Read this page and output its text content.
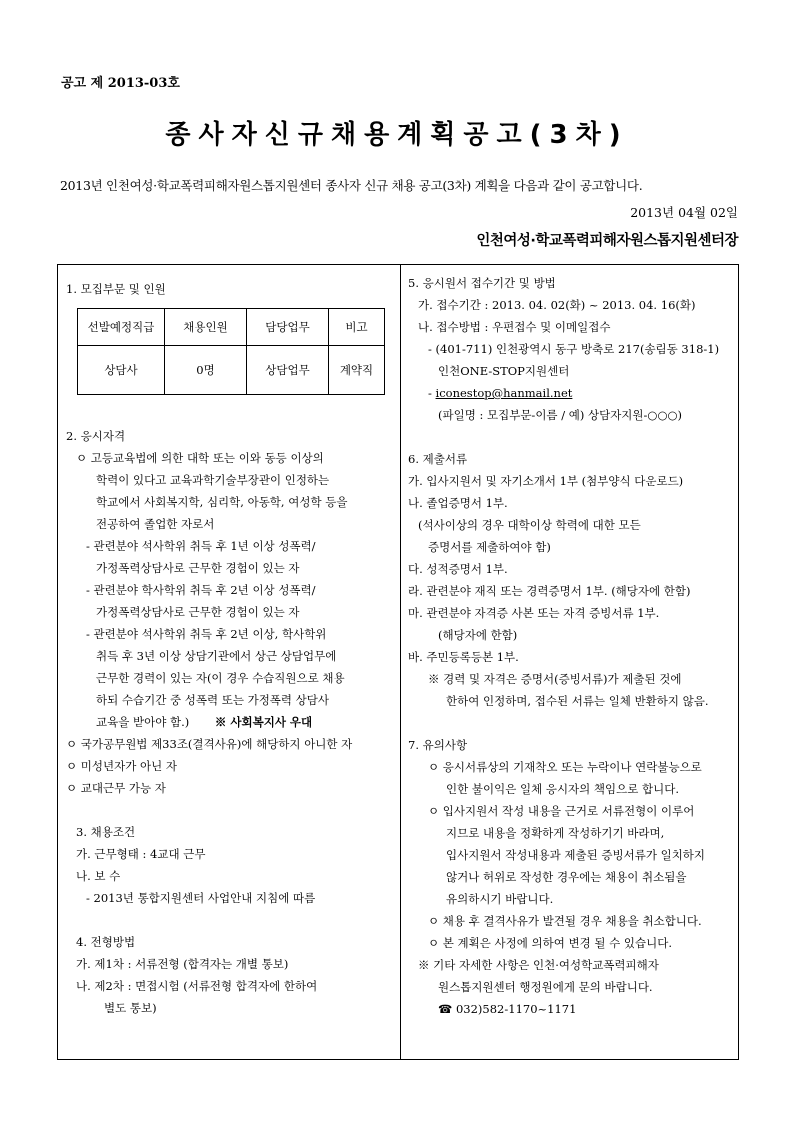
공고 제 2013-03호
종사자신규채용계획공고(3차)
2013년 인천여성·학교폭력피해자원스톱지원센터 종사자 신규 채용 공고(3차) 계획을 다음과 같이 공고합니다.
2013년 04월 02일
인천여성·학교폭력피해자원스톱지원센터장
1. 모집부문 및 인원
선발예정직급	채용인원	담당업무	비고
상담사	0명	상담업무	계약직
2. 응시자격
ㅇ 고등교육법에 의한 대학 또는 이와 동등 이상의
학력이 있다고 교육과학기술부장관이 인정하는
학교에서 사회복지학, 심리학, 아동학, 여성학 등을
전공하여 졸업한 자로서
- 관련분야 석사학위 취득 후 1년 이상 성폭력/
가정폭력상담사로 근무한 경험이 있는 자
- 관련분야 학사학위 취득 후 2년 이상 성폭력/
가정폭력상담사로 근무한 경험이 있는 자
- 관련분야 석사학위 취득 후 2년 이상, 학사학위
취득 후 3년 이상 상담기관에서 상근 상담업무에
근무한 경력이 있는 자(이 경우 수습직원으로 채용
하되 수습기간 중 성폭력 또는 가정폭력 상담사
교육을 받아야 함.) ※ 사회복지사 우대
ㅇ 국가공무원법 제33조(결격사유)에 해당하지 아니한 자
ㅇ 미성년자가 아닌 자
ㅇ 교대근무 가능 자
3. 채용조건
가. 근무형태 : 4교대 근무
나. 보 수
- 2013년 통합지원센터 사업안내 지침에 따름
4. 전형방법
가. 제1차 : 서류전형 (합격자는 개별 통보)
나. 제2차 : 면접시험 (서류전형 합격자에 한하여
별도 통보)
5. 응시원서 접수기간 및 방법
가. 접수기간 : 2013. 04. 02(화) ~ 2013. 04. 16(화)
나. 접수방법 : 우편접수 및 이메일접수
- (401-711) 인천광역시 동구 방축로 217(송림동 318-1)
인천ONE-STOP지원센터
- iconestop@hanmail.net
(파일명 : 모집부문-이름 / 예) 상담자지원-○○○)
6. 제출서류
가. 입사지원서 및 자기소개서 1부 (첨부양식 다운로드)
나. 졸업증명서 1부.
(석사이상의 경우 대학이상 학력에 대한 모든
증명서를 제출하여야 함)
다. 성적증명서 1부.
라. 관련분야 재직 또는 경력증명서 1부. (해당자에 한함)
마. 관련분야 자격증 사본 또는 자격 증빙서류 1부.
(해당자에 한함)
바. 주민등록등본 1부.
※ 경력 및 자격은 증명서(증빙서류)가 제출된 것에
한하여 인정하며, 접수된 서류는 일체 반환하지 않음.
7. 유의사항
ㅇ 응시서류상의 기재착오 또는 누락이나 연락불능으로
인한 불이익은 일체 응시자의 책임으로 합니다.
ㅇ 입사지원서 작성 내용을 근거로 서류전형이 이루어
지므로 내용을 정확하게 작성하기기 바라며,
입사지원서 작성내용과 제출된 증빙서류가 일치하지
않거나 허위로 작성한 경우에는 채용이 취소됨을
유의하시기 바랍니다.
ㅇ 채용 후 결격사유가 발견될 경우 채용을 취소합니다.
ㅇ 본 계획은 사정에 의하여 변경 될 수 있습니다.
※ 기타 자세한 사항은 인천·여성학교폭력피해자
원스톱지원센터 행정원에게 문의 바랍니다.
☎ 032)582-1170~1171
